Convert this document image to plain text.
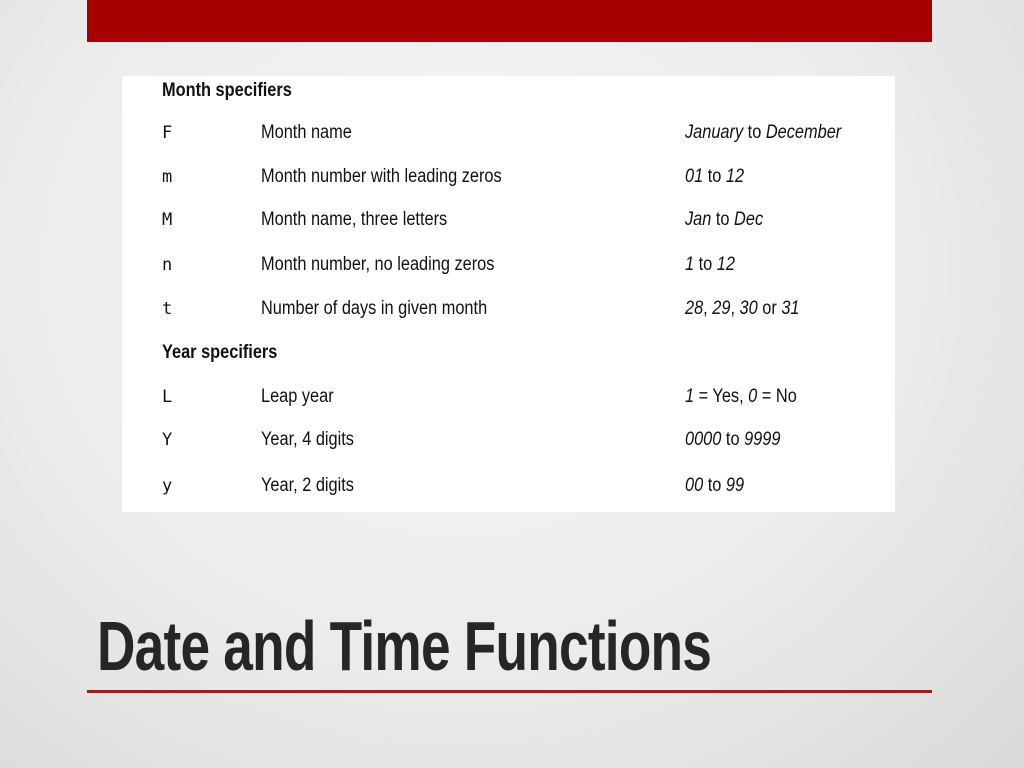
Month specifiers
F	Month name	January to December
m	Month number with leading zeros	01 to 12
M	Month name, three letters	Jan to Dec
n	Month number, no leading zeros	1 to 12
t	Number of days in given month	28, 29, 30 or 31
Year specifiers
L	Leap year	1 = Yes, 0 = No
Y	Year, 4 digits	0000 to 9999
y	Year, 2 digits	00 to 99
Date and Time Functions
